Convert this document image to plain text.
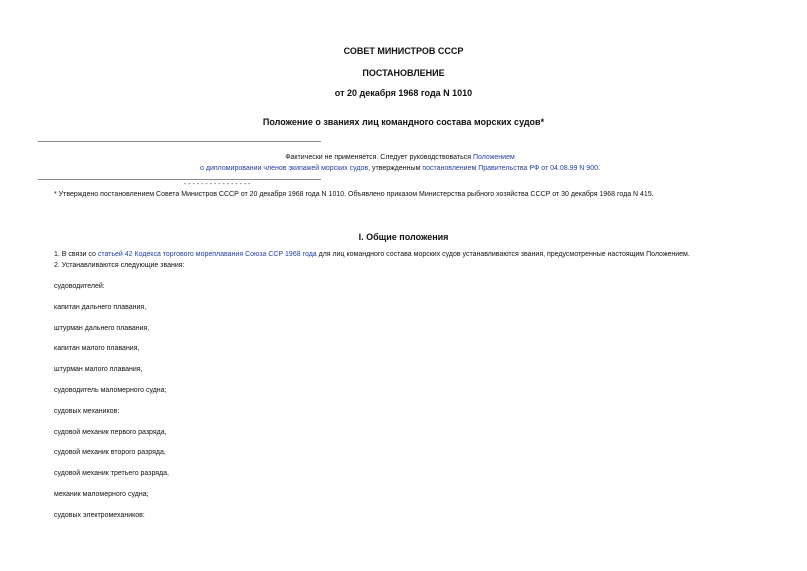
СОВЕТ МИНИСТРОВ СССР
ПОСТАНОВЛЕНИЕ
от 20 декабря 1968 года N 1010
Положение о званиях лиц командного состава морских судов*
Фактически не применяется. Следует руководствоваться Положением
о дипломировании членов экипажей морских судов, утвержденным постановлением Правительства РФ от 04.08.99 N 900.
- - - - - - - - - - - - - - - -
* Утверждено постановлением Совета Министров СССР от 20 декабря 1968 года N 1010. Объявлено приказом Министерства рыбного хозяйства СССР от 30 декабря 1968 года N 415.
I. Общие положения
1. В связи со статьей 42 Кодекса торгового мореплавания Союза ССР 1968 года для лиц командного состава морских судов устанавливаются звания, предусмотренные настоящим Положением.
2. Устанавливаются следующие звания:
судоводителей:
капитан дальнего плавания,
штурман дальнего плавания,
капитан малого плавания,
штурман малого плавания,
судоводитель маломерного судна;
судовых механиков:
судовой механик первого разряда,
судовой механик второго разряда,
судовой механик третьего разряда,
механик маломерного судна;
судовых электромехаников:
